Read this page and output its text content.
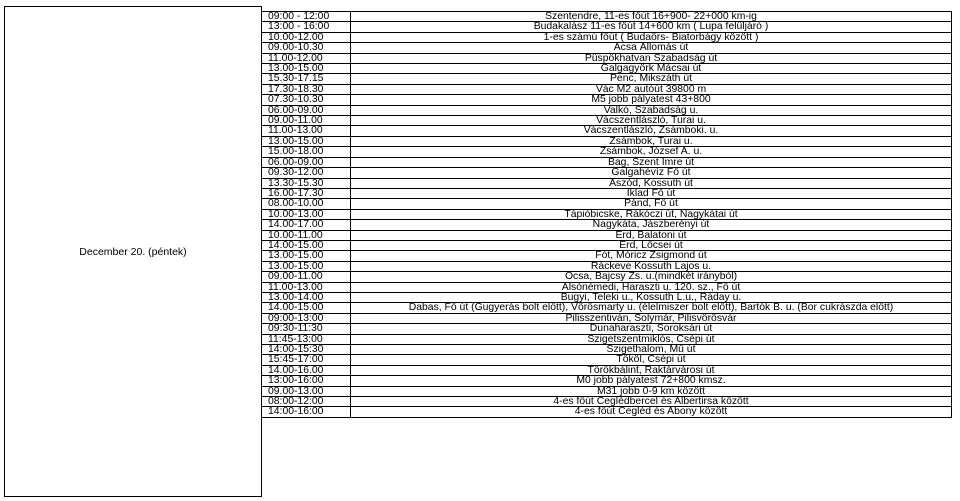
December 20. (péntek)
09:00 - 12:00	Szentendre, 11-es főút 16+900- 22+000 km-ig
13:00 - 16:00	Budakalász 11-es főút 14+600 km ( Lupa felüljáró )
10.00-12.00	1-es számú főút ( Budaörs- Biatorbágy között )
09.00-10.30	Acsa Állomás út
11.00-12.00	Püspökhatvan Szabadság út
13.00-15.00	Galgagyörk Mácsai út
15.30-17.15	Penc, Mikszáth út
17.30-18.30	Vác M2 autóút 39800 m
07.30-10.30	M5 jobb pályatest 43+800
06.00-09.00	Valkó, Szabadság u.
09.00-11.00	Vácszentlászló, Turai u.
11.00-13.00	Vácszentlászló, Zsámboki. u.
13.00-15.00	Zsámbok, Turai u.
15.00-18.00	Zsámbok, József A. u.
06.00-09.00	Bag, Szent Imre út
09.30-12.00	Galgahévíz Fő út
13.30-15.30	Aszód, Kossuth út
16.00-17.30	Iklad Fő út
08.00-10.00	Pánd, Fő út
10.00-13.00	Tápióbicske, Rákóczi út, Nagykátai út
14.00-17.00	Nagykáta, Jászberényi út
10.00-11.00	Érd, Balatoni út
14.00-15.00	Érd, Lőcsei út
13.00-15.00	Fót, Móricz Zsigmond út
13.00-15.00	Ráckeve Kossuth Lajos u.
09.00-11.00	Ócsa, Bajcsy Zs. u.(mindkét irányból)
11.00-13.00	Alsónémedi, Haraszti u. 120. sz., Fő út
13.00-14.00	Bugyi, Teleki u., Kossuth L.u., Ráday u.
14.00-15.00	Dabas, Fő út (Gugyerás bolt előtt), Vörösmarty u. (élelmiszer bolt előtt), Bartók B. u. (Bor cukrászda előtt)
09:00-13:00	Pilisszentiván, Solymár, Pilisvörösvár
09:30-11:30	Dunaharaszti, Soroksári út
11:45-13:00	Szigetszentmiklós, Csépi út
14:00-15:30	Szigethalom, Mű út
15:45-17:00	Tököl, Csépi út
14.00-16.00	Törökbálint, Raktárvárosi út
13:00-16:00	M0 jobb pályatest 72+800 kmsz.
09.00-13.00	M31 jobb 0-9 km között
08:00-12:00	4-es főút Ceglédbercel és Albertirsa között
14:00-16:00	4-es főút Cegléd és Abony között
